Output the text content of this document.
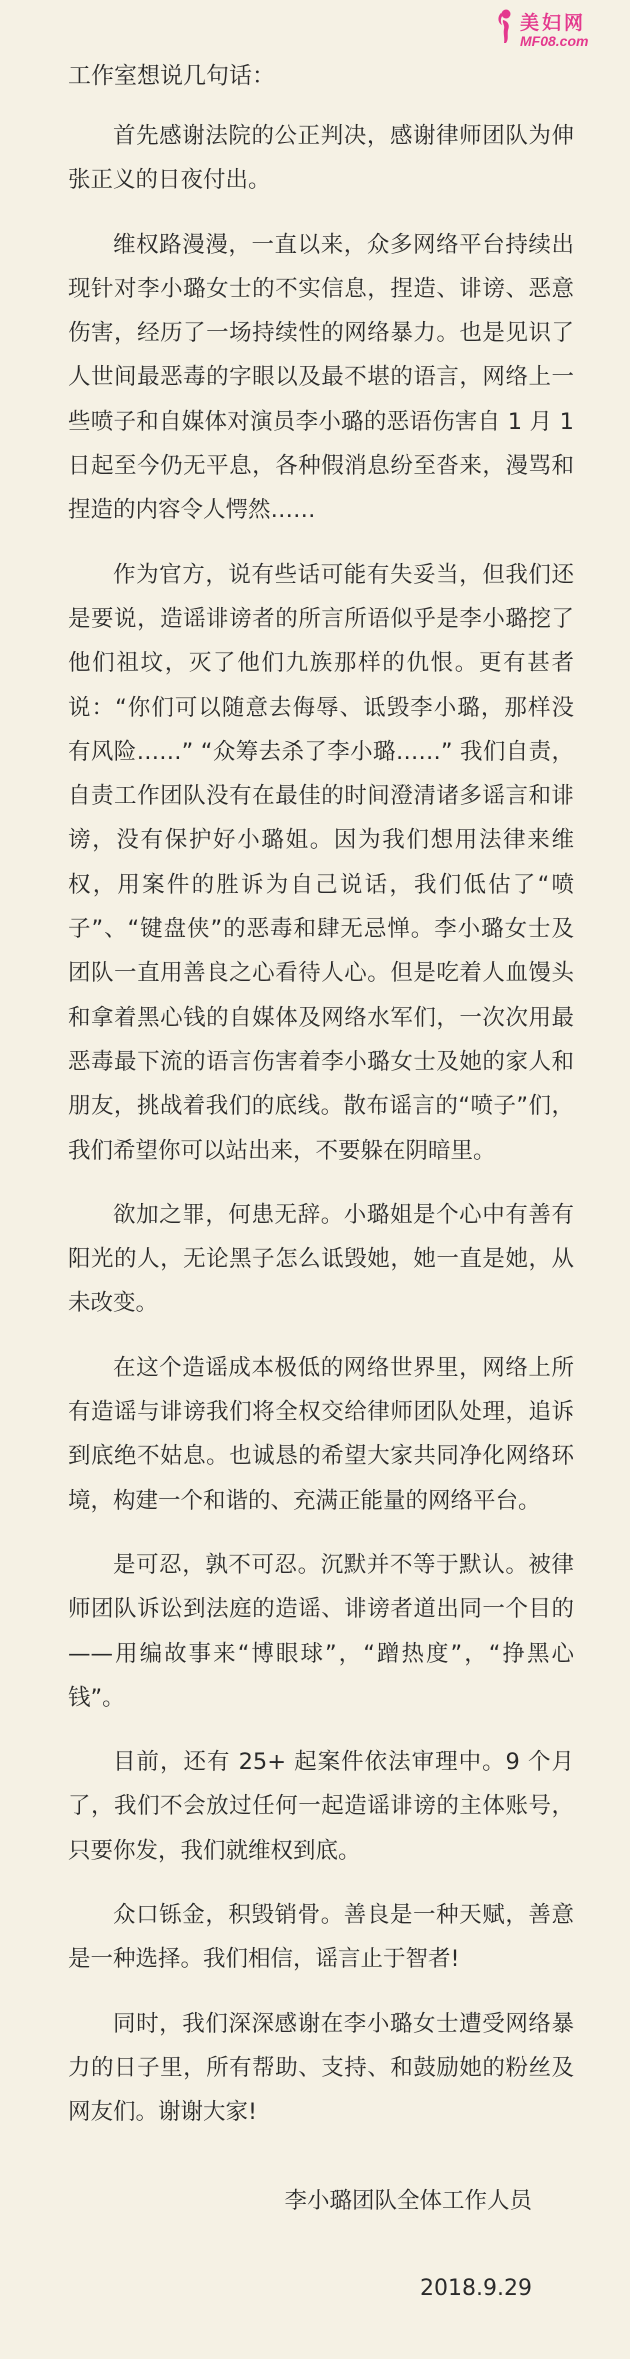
美妇网
MF08.com
工作室想说几句话：

首先感谢法院的公正判决，感谢律师团队为伸张正义的日夜付出。

维权路漫漫，一直以来，众多网络平台持续出现针对李小璐女士的不实信息，捏造、诽谤、恶意伤害，经历了一场持续性的网络暴力。也是见识了人世间最恶毒的字眼以及最不堪的语言，网络上一些喷子和自媒体对演员李小璐的恶语伤害自 1 月 1 日起至今仍无平息，各种假消息纷至沓来，漫骂和捏造的内容令人愕然……

作为官方，说有些话可能有失妥当，但我们还是要说，造谣诽谤者的所言所语似乎是李小璐挖了他们祖坟，灭了他们九族那样的仇恨。更有甚者说：“你们可以随意去侮辱、诋毁李小璐，那样没有风险……” “众筹去杀了李小璐……” 我们自责，自责工作团队没有在最佳的时间澄清诸多谣言和诽谤，没有保护好小璐姐。因为我们想用法律来维权，用案件的胜诉为自己说话，我们低估了“喷子”、“键盘侠”的恶毒和肆无忌惮。李小璐女士及团队一直用善良之心看待人心。但是吃着人血馒头和拿着黑心钱的自媒体及网络水军们，一次次用最恶毒最下流的语言伤害着李小璐女士及她的家人和朋友，挑战着我们的底线。散布谣言的“喷子”们，我们希望你可以站出来，不要躲在阴暗里。

欲加之罪，何患无辞。小璐姐是个心中有善有阳光的人，无论黑子怎么诋毁她，她一直是她，从未改变。

在这个造谣成本极低的网络世界里，网络上所有造谣与诽谤我们将全权交给律师团队处理，追诉到底绝不姑息。也诚恳的希望大家共同净化网络环境，构建一个和谐的、充满正能量的网络平台。

是可忍，孰不可忍。沉默并不等于默认。被律师团队诉讼到法庭的造谣、诽谤者道出同一个目的——用编故事来“博眼球”，“蹭热度”，“挣黑心钱”。

目前，还有 25+ 起案件依法审理中。9 个月了，我们不会放过任何一起造谣诽谤的主体账号，只要你发，我们就维权到底。

众口铄金，积毁销骨。善良是一种天赋，善意是一种选择。我们相信，谣言止于智者!

同时，我们深深感谢在李小璐女士遭受网络暴力的日子里，所有帮助、支持、和鼓励她的粉丝及网友们。谢谢大家!

李小璐团队全体工作人员
2018.9.29
